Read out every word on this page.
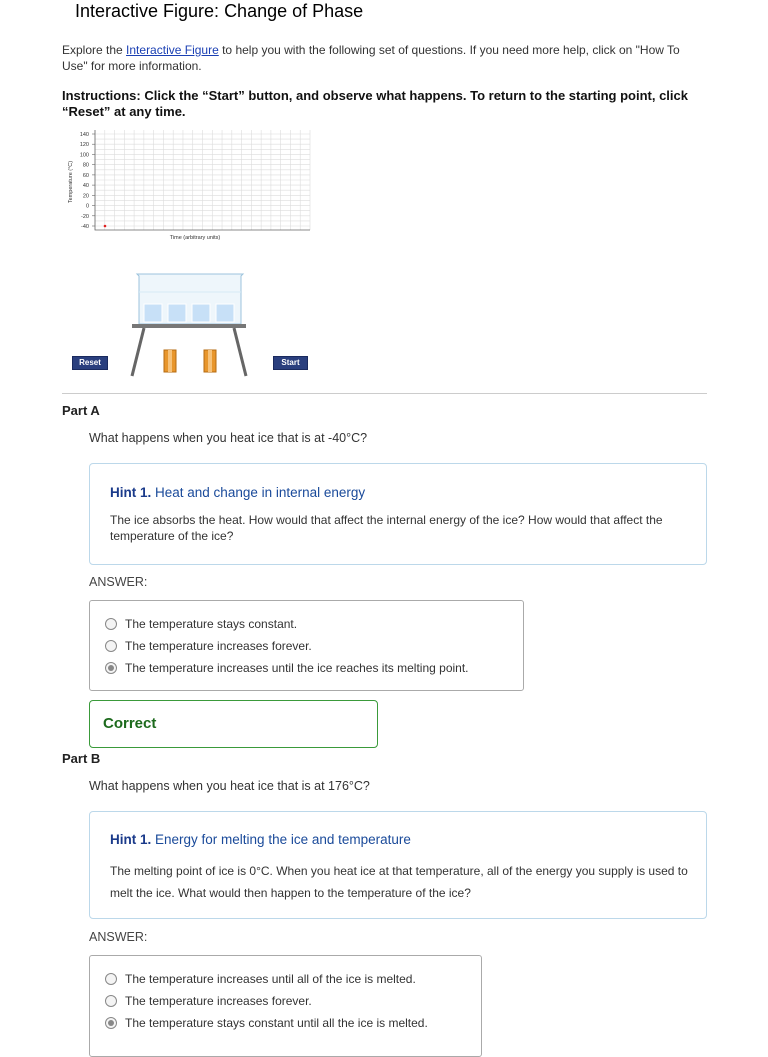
Interactive Figure: Change of Phase
Explore the Interactive Figure to help you with the following set of questions. If you need more help, click on "How To Use" for more information.
Instructions: Click the “Start” button, and observe what happens. To return to the starting point, click “Reset” at any time.
Temperature (°C)
140
120
100
80
60
40
20
0
-20
-40
Time (arbitrary units)
Reset	Start
Part A
What happens when you heat ice that is at -40°C?
Hint 1. Heat and change in internal energy
The ice absorbs the heat. How would that affect the internal energy of the ice? How would that affect the temperature of the ice?
ANSWER:
The temperature stays constant.
The temperature increases forever.
The temperature increases until the ice reaches its melting point.
Correct
Part B
What happens when you heat ice that is at 176°C?
Hint 1. Energy for melting the ice and temperature
The melting point of ice is 0°C. When you heat ice at that temperature, all of the energy you supply is used to melt the ice. What would then happen to the temperature of the ice?
ANSWER:
The temperature increases until all of the ice is melted.
The temperature increases forever.
The temperature stays constant until all the ice is melted.
